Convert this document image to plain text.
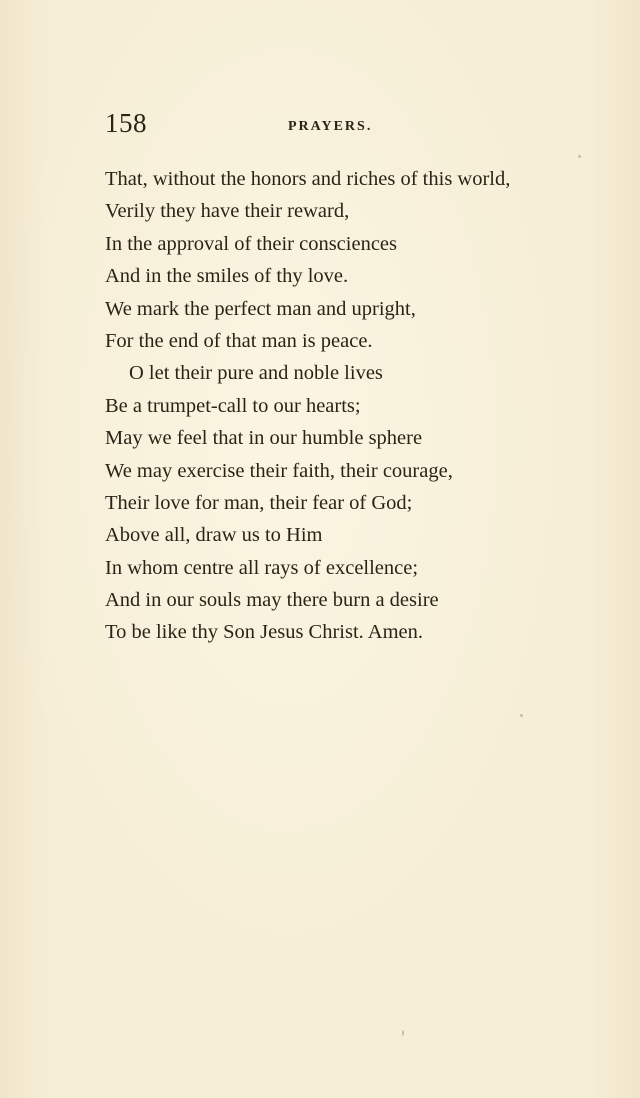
158	PRAYERS.
That, without the honors and riches of this world,
Verily they have their reward,
In the approval of their consciences
And in the smiles of thy love.
We mark the perfect man and upright,
For the end of that man is peace.
O let their pure and noble lives
Be a trumpet-call to our hearts;
May we feel that in our humble sphere
We may exercise their faith, their courage,
Their love for man, their fear of God;
Above all, draw us to Him
In whom centre all rays of excellence;
And in our souls may there burn a desire
To be like thy Son Jesus Christ. Amen.
